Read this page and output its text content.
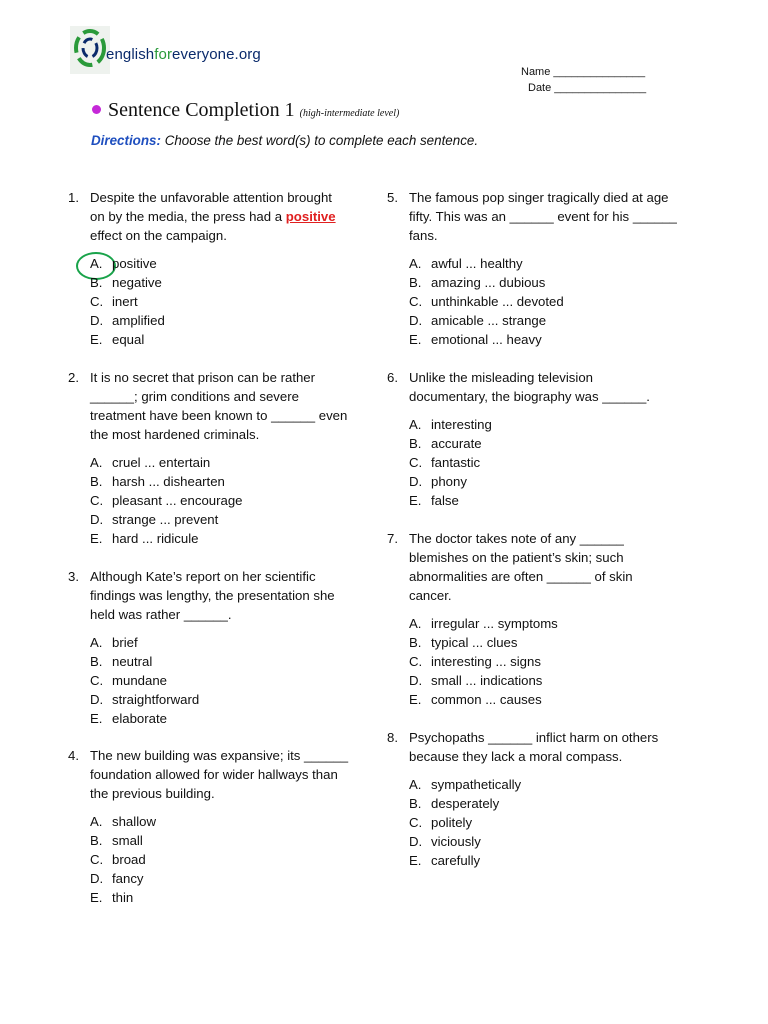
englishforeveryone.org
Name _______________
Date _______________
Sentence Completion 1 (high-intermediate level)
Directions: Choose the best word(s) to complete each sentence.
1. Despite the unfavorable attention brought
on by the media, the press had a positive
effect on the campaign.
A. positive
B. negative
C. inert
D. amplified
E. equal
2. It is no secret that prison can be rather
______; grim conditions and severe
treatment have been known to ______ even
the most hardened criminals.
A. cruel ... entertain
B. harsh ... dishearten
C. pleasant ... encourage
D. strange ... prevent
E. hard ... ridicule
3. Although Kate’s report on her scientific
findings was lengthy, the presentation she
held was rather ______.
A. brief
B. neutral
C. mundane
D. straightforward
E. elaborate
4. The new building was expansive; its ______
foundation allowed for wider hallways than
the previous building.
A. shallow
B. small
C. broad
D. fancy
E. thin
5. The famous pop singer tragically died at age
fifty. This was an ______ event for his ______
fans.
A. awful ... healthy
B. amazing ... dubious
C. unthinkable ... devoted
D. amicable ... strange
E. emotional ... heavy
6. Unlike the misleading television
documentary, the biography was ______.
A. interesting
B. accurate
C. fantastic
D. phony
E. false
7. The doctor takes note of any ______
blemishes on the patient’s skin; such
abnormalities are often ______ of skin
cancer.
A. irregular ... symptoms
B. typical ... clues
C. interesting ... signs
D. small ... indications
E. common ... causes
8. Psychopaths ______ inflict harm on others
because they lack a moral compass.
A. sympathetically
B. desperately
C. politely
D. viciously
E. carefully
